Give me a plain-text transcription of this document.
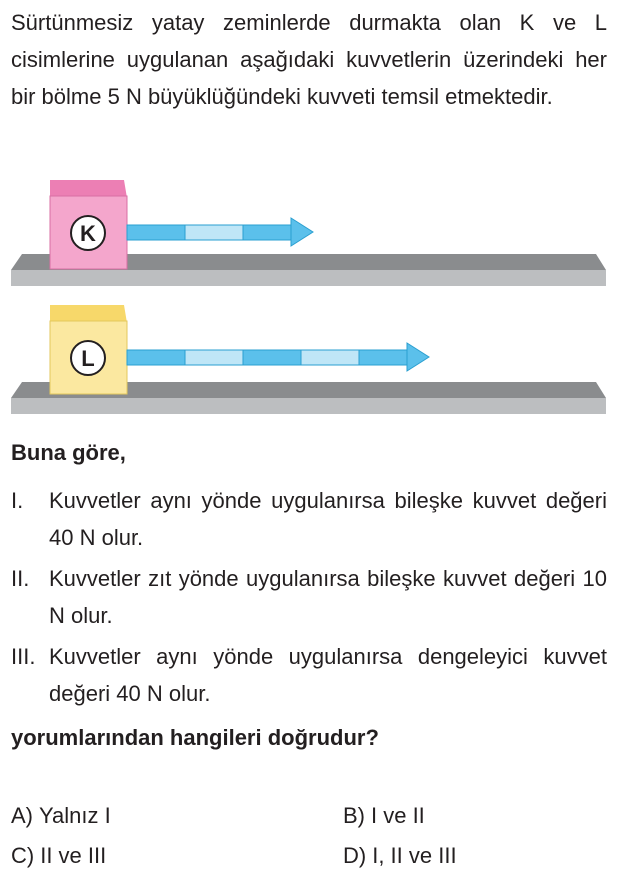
Sürtünmesiz yatay zeminlerde durmakta olan K ve L cisimlerine uygulanan aşağıdaki kuvvetlerin üzerindeki her bir bölme 5 N büyüklüğündeki kuvveti temsil etmektedir.

K
L

Buna göre,

I.	Kuvvetler aynı yönde uygulanırsa bileşke kuvvet değeri 40 N olur.
II. Kuvvetler zıt yönde uygulanırsa bileşke kuvvet değeri 10 N olur.
III. Kuvvetler aynı yönde uygulanırsa dengeleyici kuvvet değeri 40 N olur.

yorumlarından hangileri doğrudur?

A) Yalnız I	B) I ve II
C) II ve III	D) I, II ve III
